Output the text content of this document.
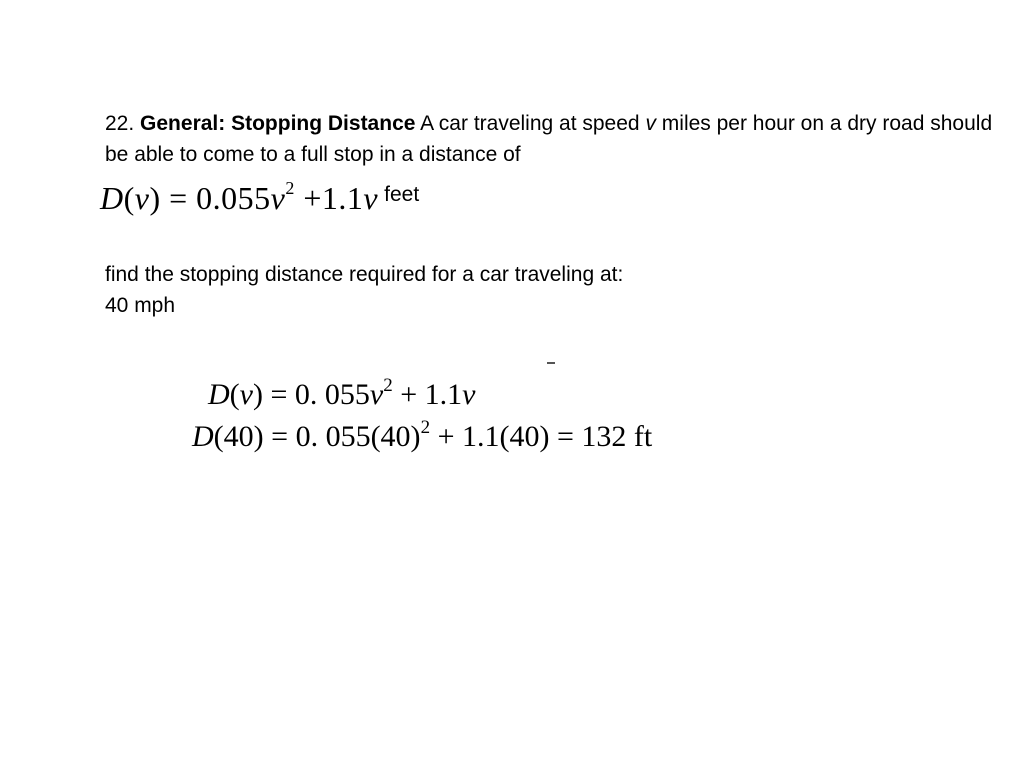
22. General: Stopping Distance A car traveling at speed v miles per hour on a dry road should be able to come to a full stop in a distance of

$D(v) = 0.055v^2 +1.1v$ feet
find the stopping distance required for a car traveling at:
40 mph
D(v) = 0. $055v^2 + 1.1v$
D(40) = 0. $055(40)^2 + 1.1(40) = 132$ ft
